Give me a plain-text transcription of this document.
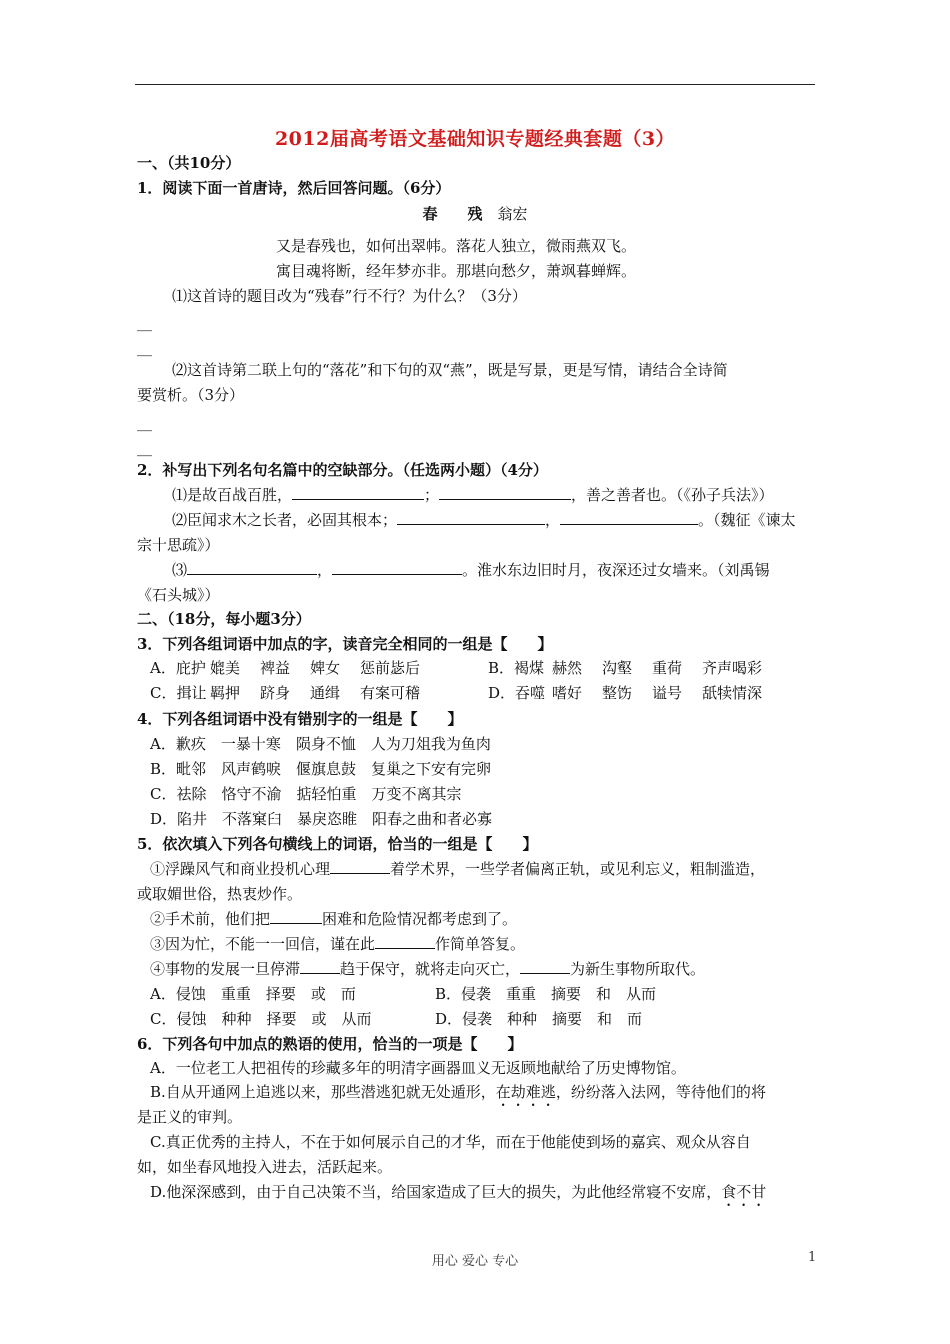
2012届高考语文基础知识专题经典套题（3）
一、（共10分）
1．阅读下面一首唐诗，然后回答问题。（6分）
春　　残　 翁宏
又是春残也，如何出翠帏。落花人独立，微雨燕双飞。
寓目魂将断，经年梦亦非。那堪向愁夕，萧飒暮蝉辉。
⑴这首诗的题目改为“残春”行不行？为什么？（3分）
＿
＿
⑵这首诗第二联上句的“落花”和下句的双“燕”，既是写景，更是写情，请结合全诗简
要赏析。（3分）
＿
＿
2．补写出下列名句名篇中的空缺部分。（任选两小题）（4分）
⑴是故百战百胜，	；	，善之善者也。（《孙子兵法》）
⑵臣闻求木之长者，必固其根本；	，	。（魏征《谏太
宗十思疏》）
⑶	，	。淮水东边旧时月，夜深还过女墙来。（刘禹锡
《石头城》）
二、（18分，每小题3分）
3．下列各组词语中加点的字，读音完全相同的一组是【　　】
A．庇护 媲美 裨益 婢女 惩前毖后	B．褐煤 赫然 沟壑 重荷 齐声喝彩
C．揖让 羁押 跻身 通缉 有案可稽	D．吞噬 嗜好 整饬 谥号 舐犊情深
4．下列各组词语中没有错别字的一组是【　　】
A．歉疚　一暴十寒　陨身不恤　人为刀俎我为鱼肉
B．毗邻　风声鹤唳　偃旗息鼓　复巢之下安有完卵
C．祛除　恪守不渝　掂轻怕重　万变不离其宗
D．陷井　不落窠臼　暴戾恣睢　阳春之曲和者必寡
5．依次填入下列各句横线上的词语，恰当的一组是【　　】
①浮躁风气和商业投机心理	着学术界，一些学者偏离正轨，或见利忘义，粗制滥造，
或取媚世俗，热衷炒作。
②手术前，他们把	困难和危险情况都考虑到了。
③因为忙，不能一一回信，谨在此	作简单答复。
④事物的发展一旦停滞	趋于保守，就将走向灭亡，	为新生事物所取代。
A．侵蚀　重重　择要　或　而	B．侵袭　重重　摘要　和　从而
C．侵蚀　种种　择要　或　从而	D．侵袭　种种　摘要　和　而
6．下列各句中加点的熟语的使用，恰当的一项是【　　】
A．一位老工人把祖传的珍藏多年的明清字画器皿义无返顾地献给了历史博物馆。
B.自从开通网上追逃以来，那些潜逃犯就无处遁形，在劫难逃，纷纷落入法网，等待他们的将
是正义的审判。
C.真正优秀的主持人，不在于如何展示自己的才华，而在于他能使到场的嘉宾、观众从容自
如，如坐春风地投入进去，活跃起来。
D.他深深感到，由于自己决策不当，给国家造成了巨大的损失，为此他经常寝不安席，食不甘
用心 爱心 专心	1
